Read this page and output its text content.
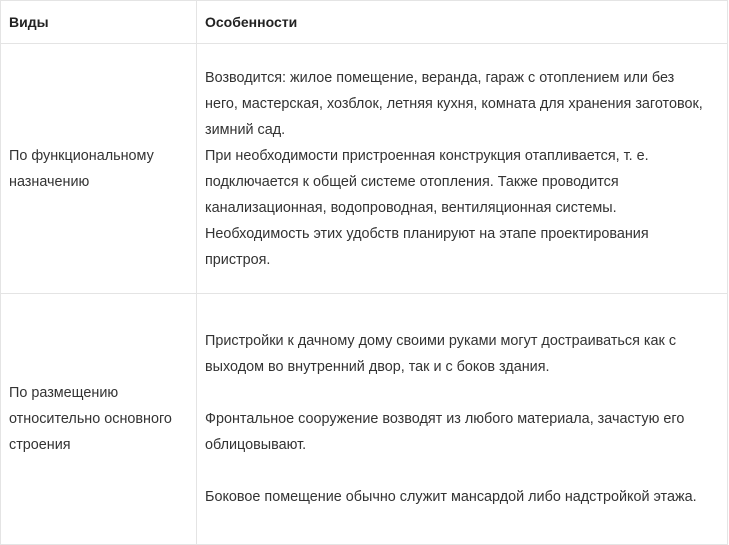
Виды	Особенности
По функциональному назначению	Возводится: жилое помещение, веранда, гараж с отоплением или без него, мастерская, хозблок, летняя кухня, комната для хранения заготовок, зимний сад.

При необходимости пристроенная конструкция отапливается, т. е. подключается к общей системе отопления. Также проводится канализационная, водопроводная, вентиляционная системы. Необходимость этих удобств планируют на этапе проектирования пристроя.

По размещению относительно основного строения	Пристройки к дачному дому своими руками могут достраиваться как с выходом во внутренний двор, так и с боков здания.

Фронтальное сооружение возводят из любого материала, зачастую его облицовывают.

Боковое помещение обычно служит мансардой либо надстройкой этажа.
